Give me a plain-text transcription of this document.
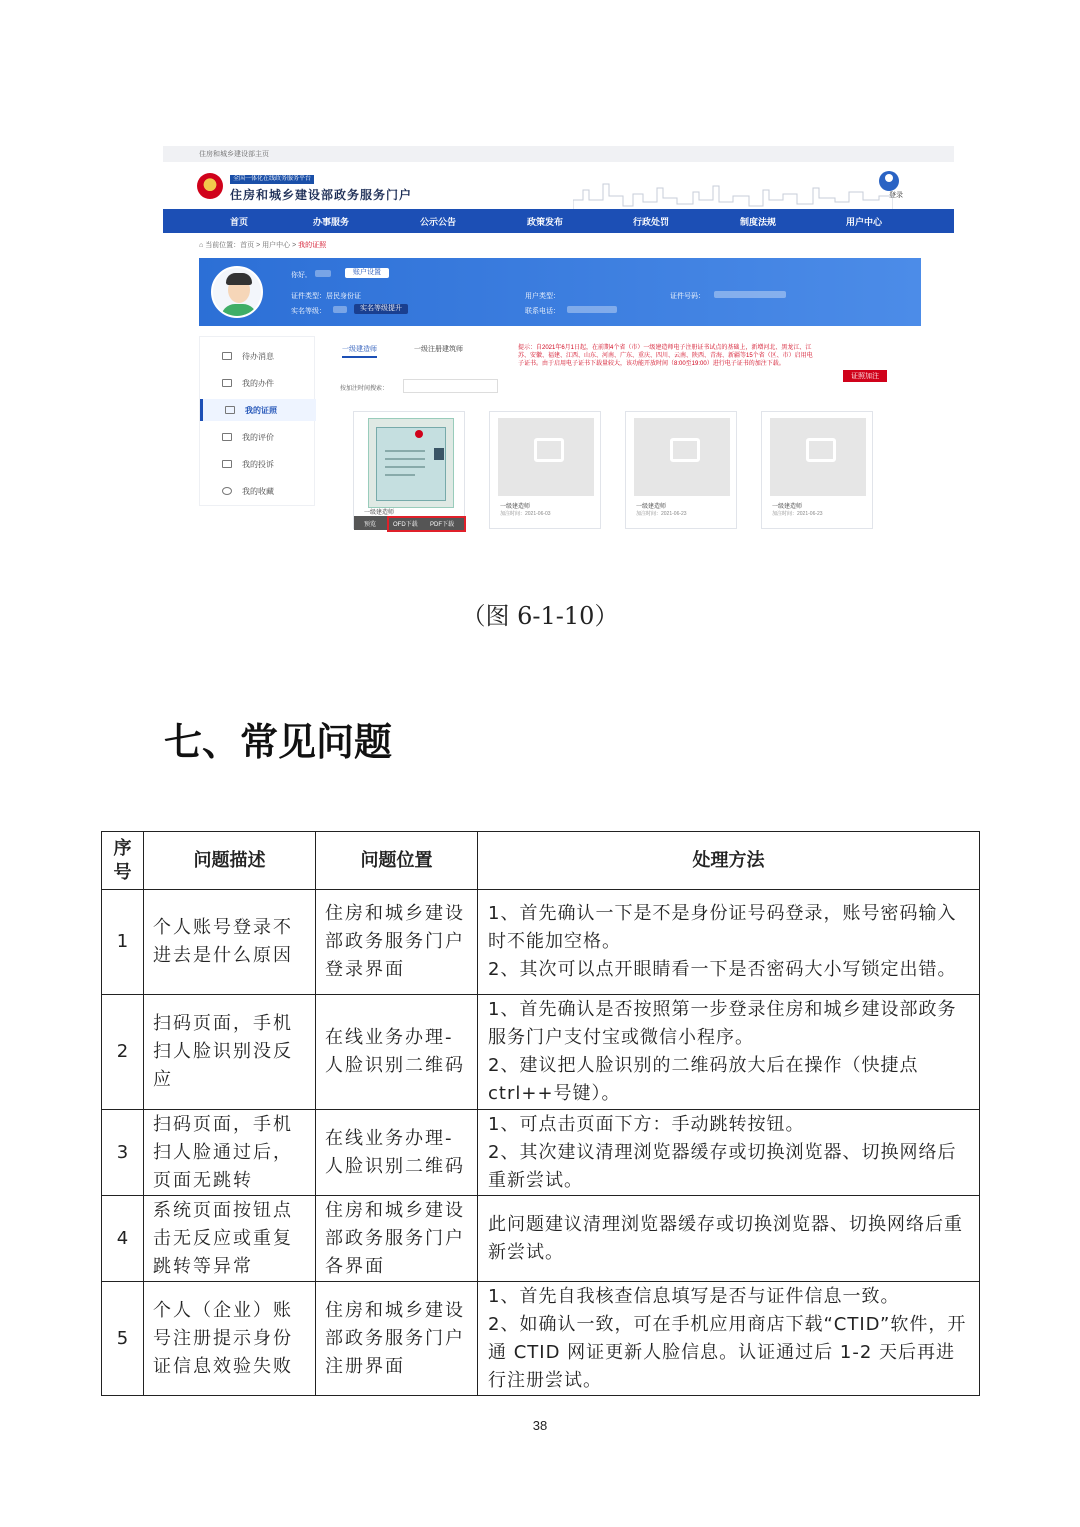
住房和城乡建设部主页
全国一体化在线政务服务平台
住房和城乡建设部政务服务门户	登录
首页	办事服务	公示公告	政策发布	行政处罚	制度法规	用户中心
⌂ 当前位置：首页 > 用户中心 > 我的证照
你好,	账户设置
证件类型：居民身份证
实名等级：	实名等级提升
用户类型：
联系电话：
证件号码：
待办消息
我的办件
我的证照
我的评价
我的投诉
我的收藏
一级建造师	一级注册建筑师	提示：自2021年6月1日起，在前期4个省（市）一级建造师电子注册证书试点的基础上，新增河北、黑龙江、江苏、安徽、福建、江西、山东、河南、广东、重庆、四川、云南、陕西、青海、新疆等15个省（区、市）启用电子证书。由于启用电子证书下载量较大，该功能开放时间（8:00至19:00）进行电子证书的加注下载。
证照加注
按加注时间搜索：
一级建造师
预览	OFD下载 PDF下载
一级建造师
加注时间：2021-06-03
一级建造师
加注时间：2021-06-23
一级建造师
加注时间：2021-06-23
（图 6-1-10）
七、常见问题
序号	问题描述	问题位置	处理方法
1	个人账号登录不进去是什么原因	住房和城乡建设部政务服务门户登录界面	1、首先确认一下是不是身份证号码登录，账号密码输入时不能加空格。
2、其次可以点开眼睛看一下是否密码大小写锁定出错。

2	扫码页面，手机扫人脸识别没反应	在线业务办理-人脸识别二维码	1、首先确认是否按照第一步登录住房和城乡建设部政务服务门户支付宝或微信小程序。
2、建议把人脸识别的二维码放大后在操作（快捷点ctrl++号键）。

3	扫码页面，手机扫人脸通过后，页面无跳转	在线业务办理-人脸识别二维码	1、可点击页面下方：手动跳转按钮。
2、其次建议清理浏览器缓存或切换浏览器、切换网络后重新尝试。

4	系统页面按钮点击无反应或重复跳转等异常	住房和城乡建设部政务服务门户各界面	此问题建议清理浏览器缓存或切换浏览器、切换网络后重新尝试。

5	个人（企业）账号注册提示身份证信息效验失败	住房和城乡建设部政务服务门户注册界面	1、首先自我核查信息填写是否与证件信息一致。
2、如确认一致，可在手机应用商店下载“CTID”软件，开通 CTID 网证更新人脸信息。认证通过后 1-2 天后再进行注册尝试。
38
